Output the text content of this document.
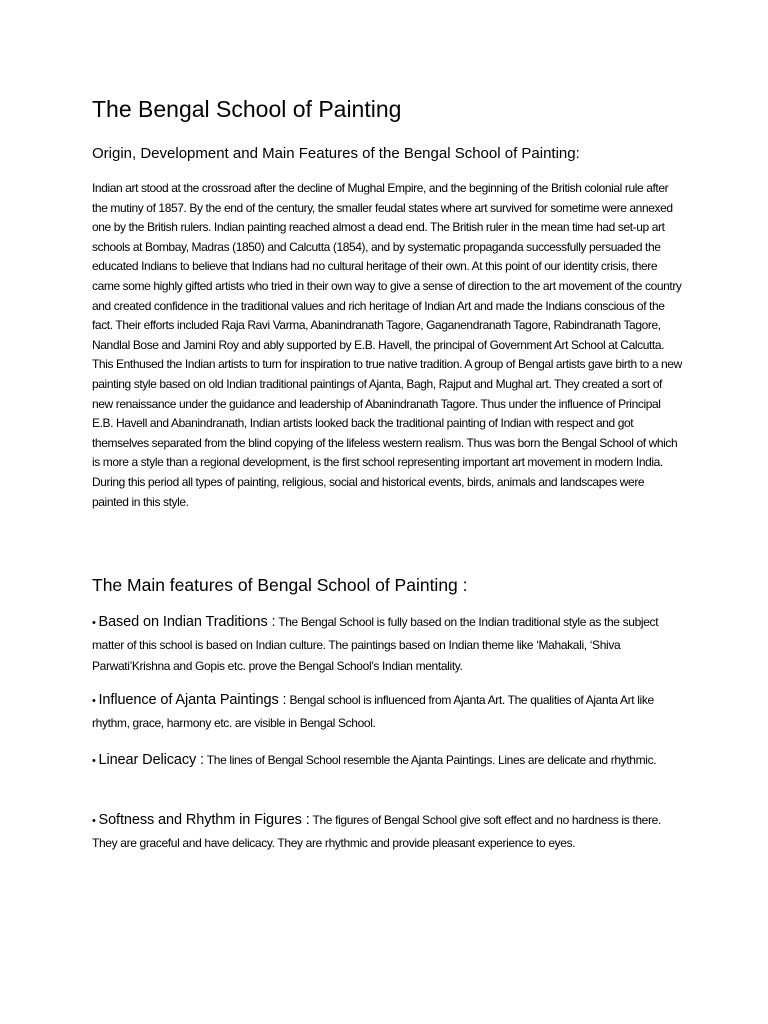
The Bengal School of Painting
Origin, Development and Main Features of the Bengal School of Painting:

Indian art stood at the crossroad after the decline of Mughal Empire, and the beginning of the British colonial rule after the mutiny of 1857. By the end of the century, the smaller feudal states where art survived for sometime were annexed one by the British rulers. Indian painting reached almost a dead end. The British ruler in the mean time had set-up art schools at Bombay, Madras (1850) and Calcutta (1854), and by systematic propaganda successfully persuaded the educated Indians to believe that Indians had no cultural heritage of their own. At this point of our identity crisis, there came some highly gifted artists who tried in their own way to give a sense of direction to the art movement of the country and created confidence in the traditional values and rich heritage of Indian Art and made the Indians conscious of the fact. Their efforts included Raja Ravi Varma, Abanindranath Tagore, Gaganendranath Tagore, Rabindranath Tagore, Nandlal Bose and Jamini Roy and ably supported by E.B. Havell, the principal of Government Art School at Calcutta. This Enthused the Indian artists to turn for inspiration to true native tradition. A group of Bengal artists gave birth to a new painting style based on old Indian traditional paintings of Ajanta, Bagh, Rajput and Mughal art. They created a sort of new renaissance under the guidance and leadership of Abanindranath Tagore. Thus under the influence of Principal E.B. Havell and Abanindranath, Indian artists looked back the traditional painting of Indian with respect and got themselves separated from the blind copying of the lifeless western realism. Thus was born the Bengal School of which is more a style than a regional development, is the first school representing important art movement in modern India. During this period all types of painting, religious, social and historical events, birds, animals and landscapes were painted in this style.

The Main features of Bengal School of Painting :

• Based on Indian Traditions : The Bengal School is fully based on the Indian traditional style as the subject matter of this school is based on Indian culture. The paintings based on Indian theme like ‘Mahakali, ‘Shiva Parwati’Krishna and Gopis etc. prove the Bengal School’s Indian mentality.

• Influence of Ajanta Paintings : Bengal school is influenced from Ajanta Art. The qualities of Ajanta Art like rhythm, grace, harmony etc. are visible in Bengal School.

• Linear Delicacy : The lines of Bengal School resemble the Ajanta Paintings. Lines are delicate and rhythmic.

• Softness and Rhythm in Figures : The figures of Bengal School give soft effect and no hardness is there. They are graceful and have delicacy. They are rhythmic and provide pleasant experience to eyes.
